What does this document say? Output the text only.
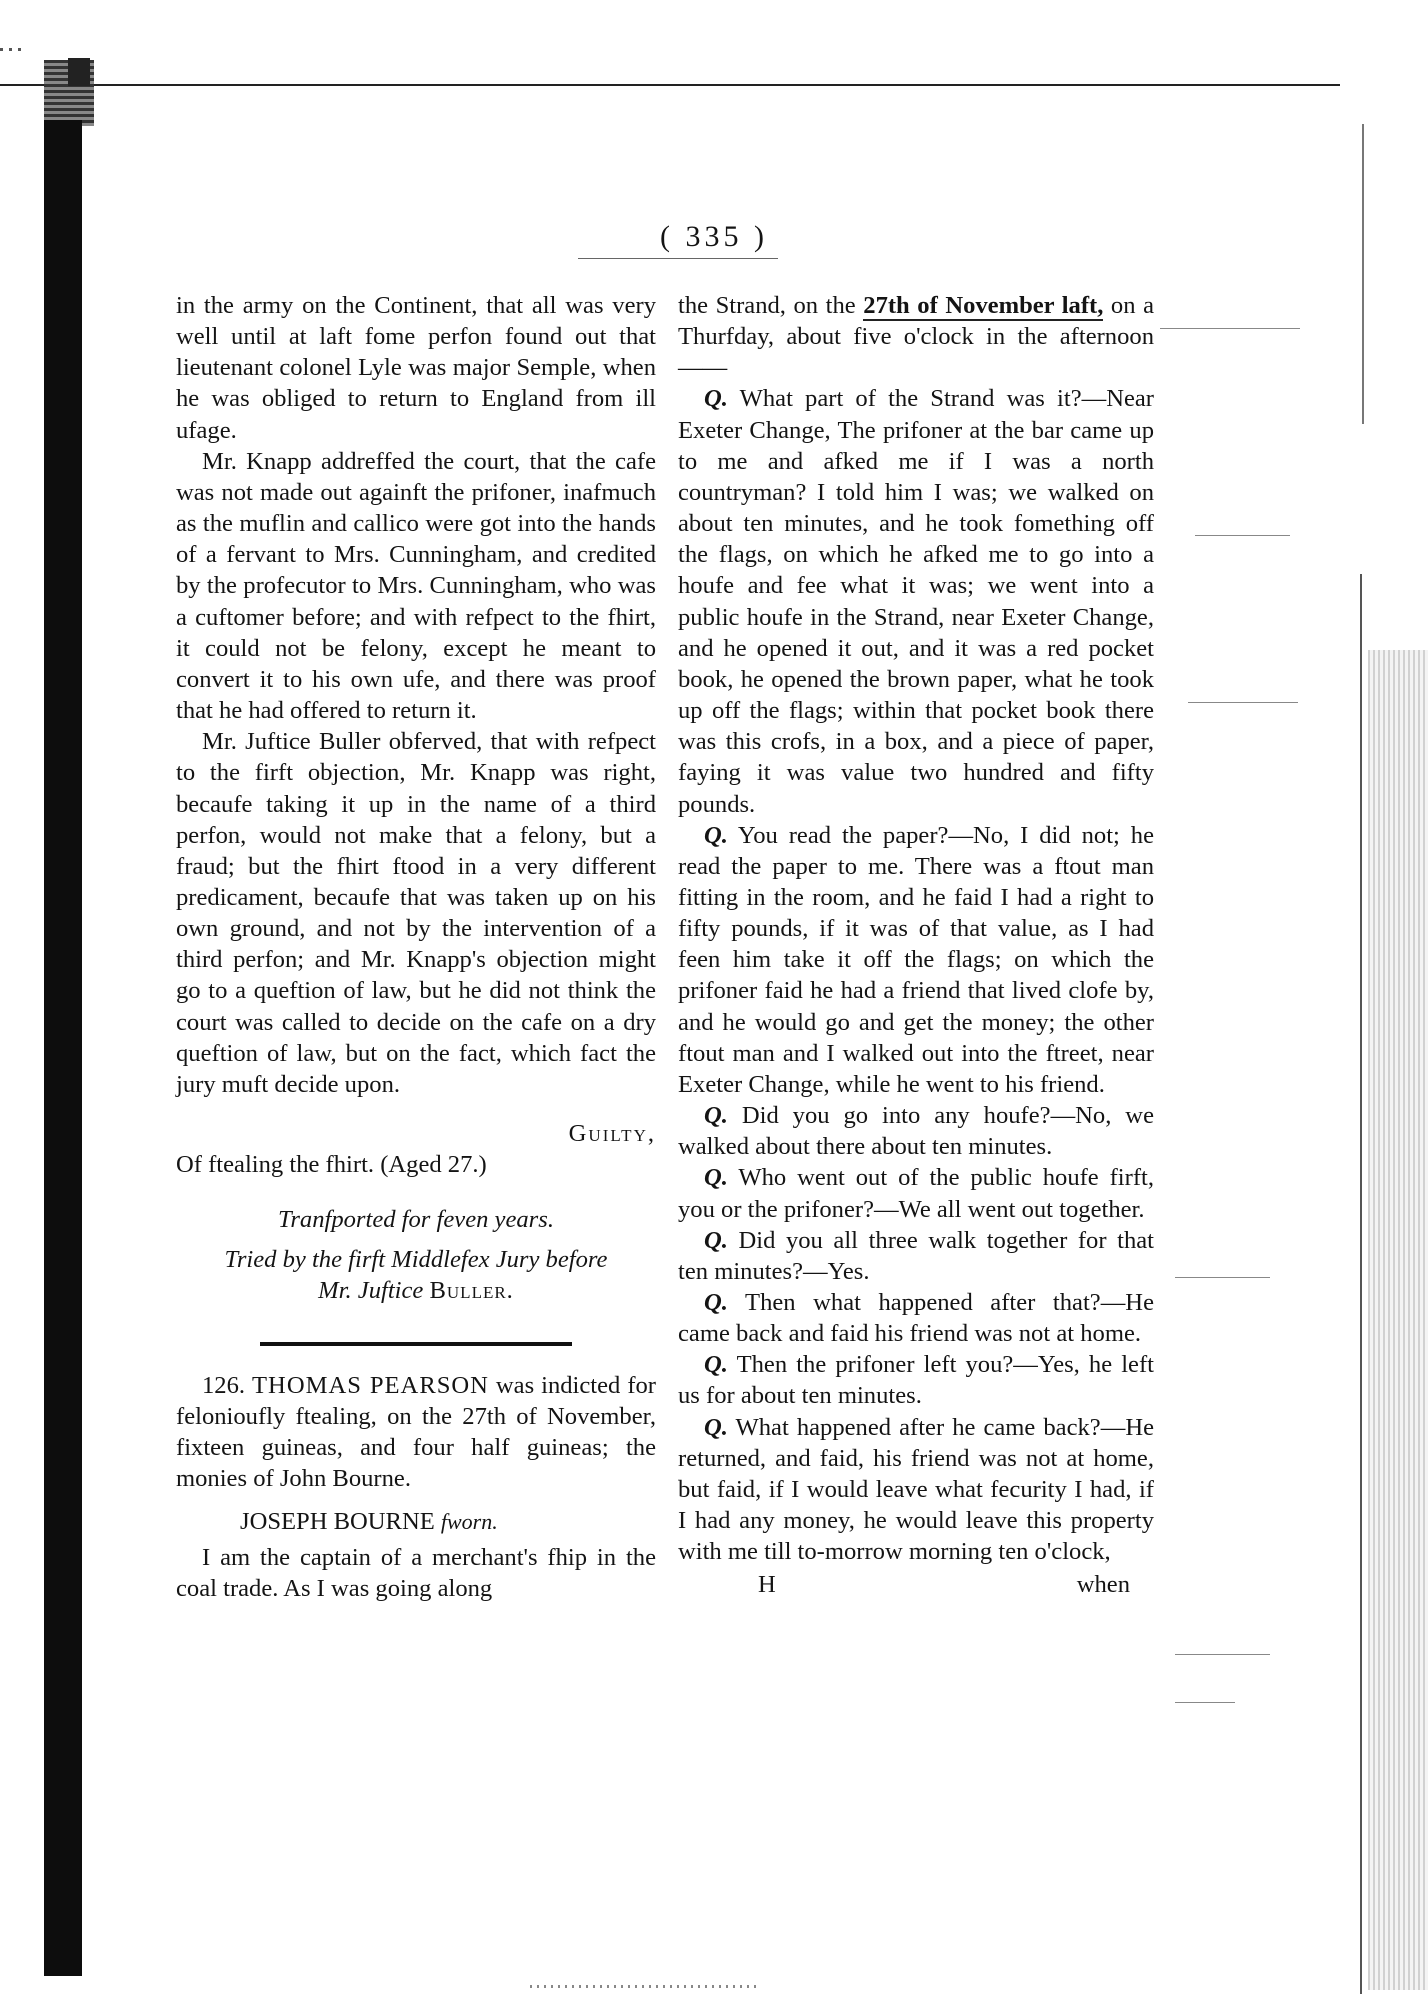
( 335 )

in the army on the Continent, that all was very well until at laft fome perfon found out that lieutenant colonel Lyle was major Semple, when he was obliged to return to England from ill ufage.

Mr. Knapp addreffed the court, that the cafe was not made out againft the prifoner, inafmuch as the muflin and callico were got into the hands of a fervant to Mrs. Cunningham, and credited by the profecutor to Mrs. Cunningham, who was a cuftomer before; and with refpect to the fhirt, it could not be felony, except he meant to convert it to his own ufe, and there was proof that he had offered to return it.

Mr. Juftice Buller obferved, that with refpect to the firft objection, Mr. Knapp was right, becaufe taking it up in the name of a third perfon, would not make that a felony, but a fraud; but the fhirt ftood in a very different predicament, becaufe that was taken up on his own ground, and not by the intervention of a third perfon; and Mr. Knapp's objection might go to a queftion of law, but he did not think the court was called to decide on the cafe on a dry queftion of law, but on the fact, which fact the jury muft decide upon.

Guilty,

Of ftealing the fhirt. (Aged 27.)

Tranfported for feven years.

Tried by the firft Middlefex Jury before
Mr. Juftice Buller.

126. THOMAS PEARSON was indicted for felonioufly ftealing, on the 27th of November, fixteen guineas, and four half guineas; the monies of John Bourne.

JOSEPH BOURNE fworn.

I am the captain of a merchant's fhip in the coal trade. As I was going along

the Strand, on the 27th of November laft, on a Thurfday, about five o'clock in the afternoon——

Q. What part of the Strand was it?—Near Exeter Change, The prifoner at the bar came up to me and afked me if I was a north countryman? I told him I was; we walked on about ten minutes, and he took fomething off the flags, on which he afked me to go into a houfe and fee what it was; we went into a public houfe in the Strand, near Exeter Change, and he opened it out, and it was a red pocket book, he opened the brown paper, what he took up off the flags; within that pocket book there was this crofs, in a box, and a piece of paper, faying it was value two hundred and fifty pounds.

Q. You read the paper?—No, I did not; he read the paper to me. There was a ftout man fitting in the room, and he faid I had a right to fifty pounds, if it was of that value, as I had feen him take it off the flags; on which the prifoner faid he had a friend that lived clofe by, and he would go and get the money; the other ftout man and I walked out into the ftreet, near Exeter Change, while he went to his friend.

Q. Did you go into any houfe?—No, we walked about there about ten minutes.

Q. Who went out of the public houfe firft, you or the prifoner?—We all went out together.

Q. Did you all three walk together for that ten minutes?—Yes.

Q. Then what happened after that?—He came back and faid his friend was not at home.

Q. Then the prifoner left you?—Yes, he left us for about ten minutes.

Q. What happened after he came back?—He returned, and faid, his friend was not at home, but faid, if I would leave what fecurity I had, if I had any money, he would leave this property with me till to-morrow morning ten o'clock,

H	when
